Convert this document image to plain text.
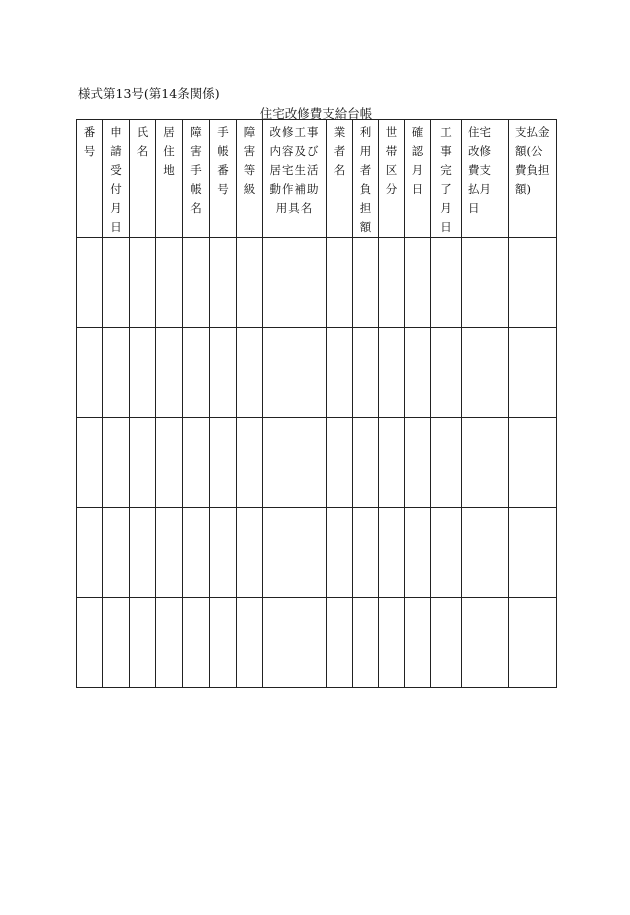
様式第13号(第14条関係)
住宅改修費支給台帳
番号	申請受付月日	氏名	居住地	障害手帳名	手帳番号	障害等級	改修工事内容及び居宅生活動作補助用具名	業者名	利用者負担額	世帯区分	確認月日	工事完了月日	住宅改修費支払月日	支払金額(公費負担額)
